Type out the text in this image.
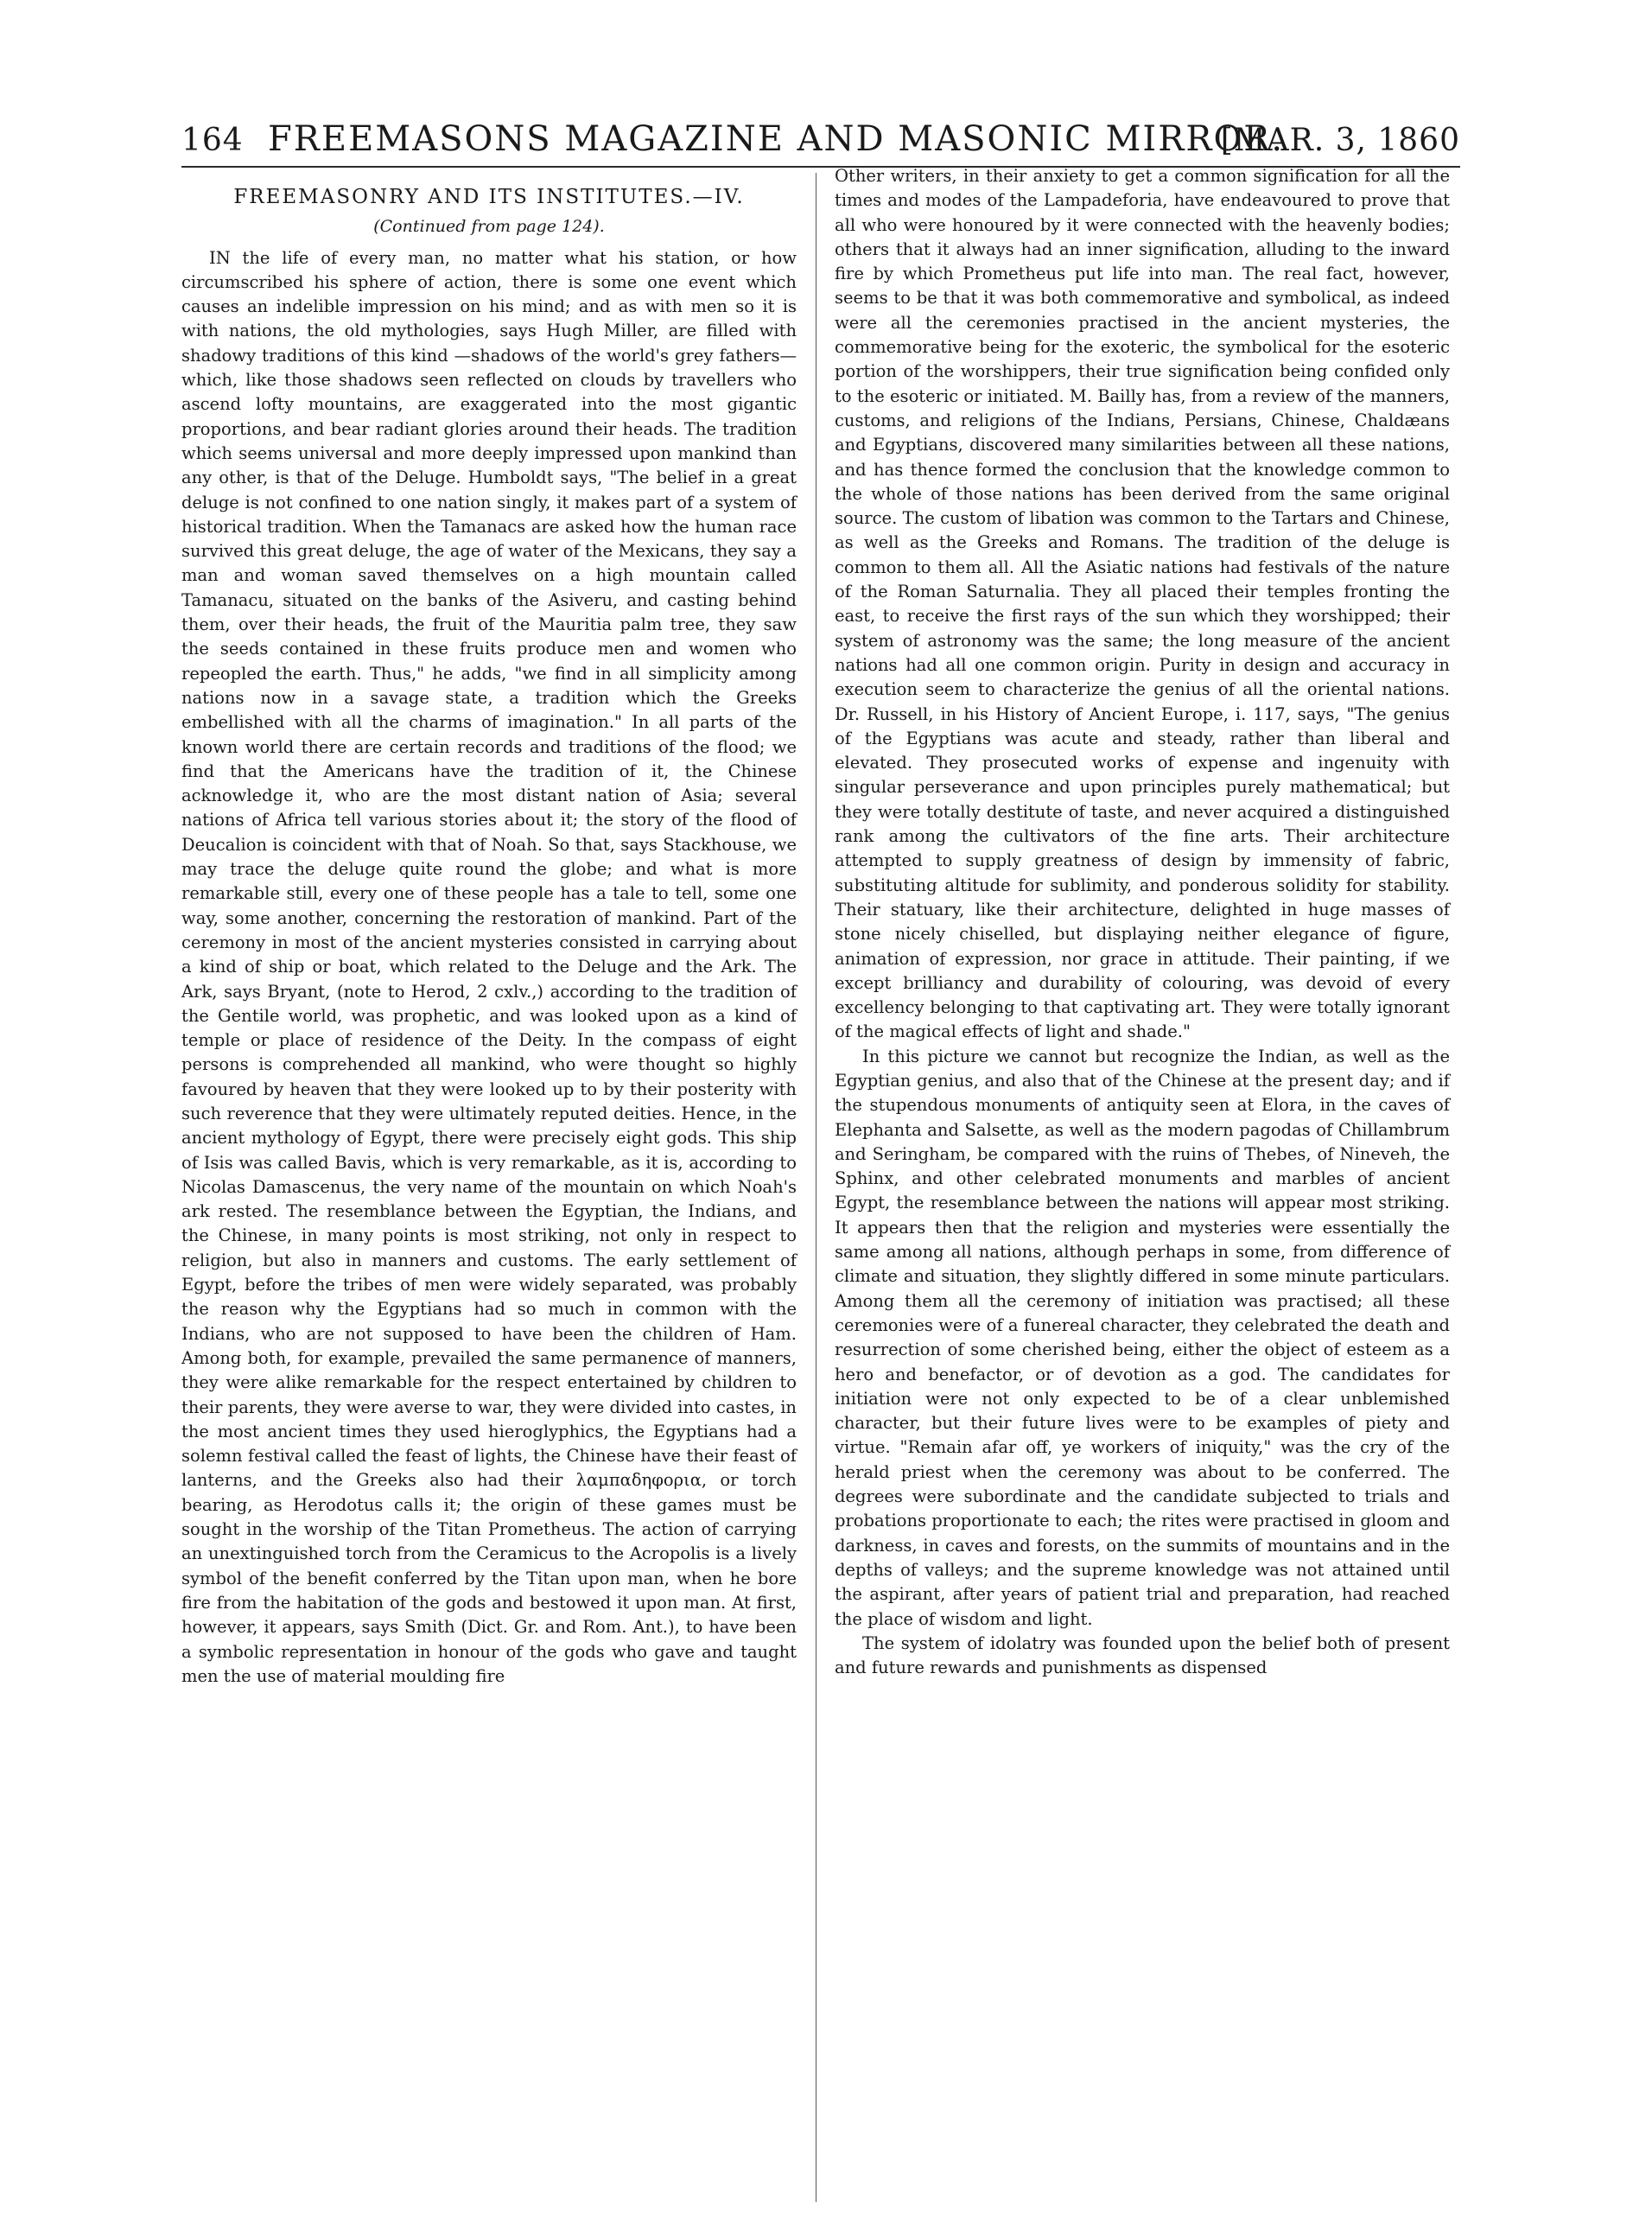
164 FREEMASONS MAGAZINE AND MASONIC MIRROR.
[MAR. 3, 1860
FREEMASONRY AND ITS INSTITUTES.—IV.
(Continued from page 124).

IN the life of every man, no matter what his station, or how circumscribed his sphere of action, there is some one event which causes an indelible impression on his mind; and as with men so it is with nations, the old mythologies, says Hugh Miller, are filled with shadowy traditions of this kind —shadows of the world's grey fathers—which, like those shadows seen reflected on clouds by travellers who ascend lofty mountains, are exaggerated into the most gigantic proportions, and bear radiant glories around their heads. The tradition which seems universal and more deeply impressed upon mankind than any other, is that of the Deluge. Humboldt says, "The belief in a great deluge is not confined to one nation singly, it makes part of a system of historical tradition. When the Tamanacs are asked how the human race survived this great deluge, the age of water of the Mexicans, they say a man and woman saved themselves on a high mountain called Tamanacu, situated on the banks of the Asiveru, and casting behind them, over their heads, the fruit of the Mauritia palm tree, they saw the seeds contained in these fruits produce men and women who repeopled the earth. Thus," he adds, "we find in all simplicity among nations now in a savage state, a tradition which the Greeks embellished with all the charms of imagination." In all parts of the known world there are certain records and traditions of the flood; we find that the Americans have the tradition of it, the Chinese acknowledge it, who are the most distant nation of Asia; several nations of Africa tell various stories about it; the story of the flood of Deucalion is coincident with that of Noah. So that, says Stackhouse, we may trace the deluge quite round the globe; and what is more remarkable still, every one of these people has a tale to tell, some one way, some another, concerning the restoration of mankind. Part of the ceremony in most of the ancient mysteries consisted in carrying about a kind of ship or boat, which related to the Deluge and the Ark. The Ark, says Bryant, (note to Herod, 2 cxlv.,) according to the tradition of the Gentile world, was prophetic, and was looked upon as a kind of temple or place of residence of the Deity. In the compass of eight persons is comprehended all mankind, who were thought so highly favoured by heaven that they were looked up to by their posterity with such reverence that they were ultimately reputed deities. Hence, in the ancient mythology of Egypt, there were precisely eight gods. This ship of Isis was called Bavis, which is very remarkable, as it is, according to Nicolas Damascenus, the very name of the mountain on which Noah's ark rested. The resemblance between the Egyptian, the Indians, and the Chinese, in many points is most striking, not only in respect to religion, but also in manners and customs. The early settlement of Egypt, before the tribes of men were widely separated, was probably the reason why the Egyptians had so much in common with the Indians, who are not supposed to have been the children of Ham. Among both, for example, prevailed the same permanence of manners, they were alike remarkable for the respect entertained by children to their parents, they were averse to war, they were divided into castes, in the most ancient times they used hieroglyphics, the Egyptians had a solemn festival called the feast of lights, the Chinese have their feast of lanterns, and the Greeks also had their λαμπαδηφορια, or torch bearing, as Herodotus calls it; the origin of these games must be sought in the worship of the Titan Prometheus. The action of carrying an unextinguished torch from the Ceramicus to the Acropolis is a lively symbol of the benefit conferred by the Titan upon man, when he bore fire from the habitation of the gods and bestowed it upon man. At first, however, it appears, says Smith (Dict. Gr. and Rom. Ant.), to have been a symbolic representation in honour of the gods who gave and taught men the use of material moulding fire

Other writers, in their anxiety to get a common signification for all the times and modes of the Lampadeforia, have endeavoured to prove that all who were honoured by it were connected with the heavenly bodies; others that it always had an inner signification, alluding to the inward fire by which Prometheus put life into man. The real fact, however, seems to be that it was both commemorative and symbolical, as indeed were all the ceremonies practised in the ancient mysteries, the commemorative being for the exoteric, the symbolical for the esoteric portion of the worshippers, their true signification being confided only to the esoteric or initiated. M. Bailly has, from a review of the manners, customs, and religions of the Indians, Persians, Chinese, Chaldæans and Egyptians, discovered many similarities between all these nations, and has thence formed the conclusion that the knowledge common to the whole of those nations has been derived from the same original source. The custom of libation was common to the Tartars and Chinese, as well as the Greeks and Romans. The tradition of the deluge is common to them all. All the Asiatic nations had festivals of the nature of the Roman Saturnalia. They all placed their temples fronting the east, to receive the first rays of the sun which they worshipped; their system of astronomy was the same; the long measure of the ancient nations had all one common origin. Purity in design and accuracy in execution seem to characterize the genius of all the oriental nations. Dr. Russell, in his History of Ancient Europe, i. 117, says, "The genius of the Egyptians was acute and steady, rather than liberal and elevated. They prosecuted works of expense and ingenuity with singular perseverance and upon principles purely mathematical; but they were totally destitute of taste, and never acquired a distinguished rank among the cultivators of the fine arts. Their architecture attempted to supply greatness of design by immensity of fabric, substituting altitude for sublimity, and ponderous solidity for stability. Their statuary, like their architecture, delighted in huge masses of stone nicely chiselled, but displaying neither elegance of figure, animation of expression, nor grace in attitude. Their painting, if we except brilliancy and durability of colouring, was devoid of every excellency belonging to that captivating art. They were totally ignorant of the magical effects of light and shade."

In this picture we cannot but recognize the Indian, as well as the Egyptian genius, and also that of the Chinese at the present day; and if the stupendous monuments of antiquity seen at Elora, in the caves of Elephanta and Salsette, as well as the modern pagodas of Chillambrum and Seringham, be compared with the ruins of Thebes, of Nineveh, the Sphinx, and other celebrated monuments and marbles of ancient Egypt, the resemblance between the nations will appear most striking. It appears then that the religion and mysteries were essentially the same among all nations, although perhaps in some, from difference of climate and situation, they slightly differed in some minute particulars. Among them all the ceremony of initiation was practised; all these ceremonies were of a funereal character, they celebrated the death and resurrection of some cherished being, either the object of esteem as a hero and benefactor, or of devotion as a god. The candidates for initiation were not only expected to be of a clear unblemished character, but their future lives were to be examples of piety and virtue. "Remain afar off, ye workers of iniquity," was the cry of the herald priest when the ceremony was about to be conferred. The degrees were subordinate and the candidate subjected to trials and probations proportionate to each; the rites were practised in gloom and darkness, in caves and forests, on the summits of mountains and in the depths of valleys; and the supreme knowledge was not attained until the aspirant, after years of patient trial and preparation, had reached the place of wisdom and light.

The system of idolatry was founded upon the belief both of present and future rewards and punishments as dispensed
